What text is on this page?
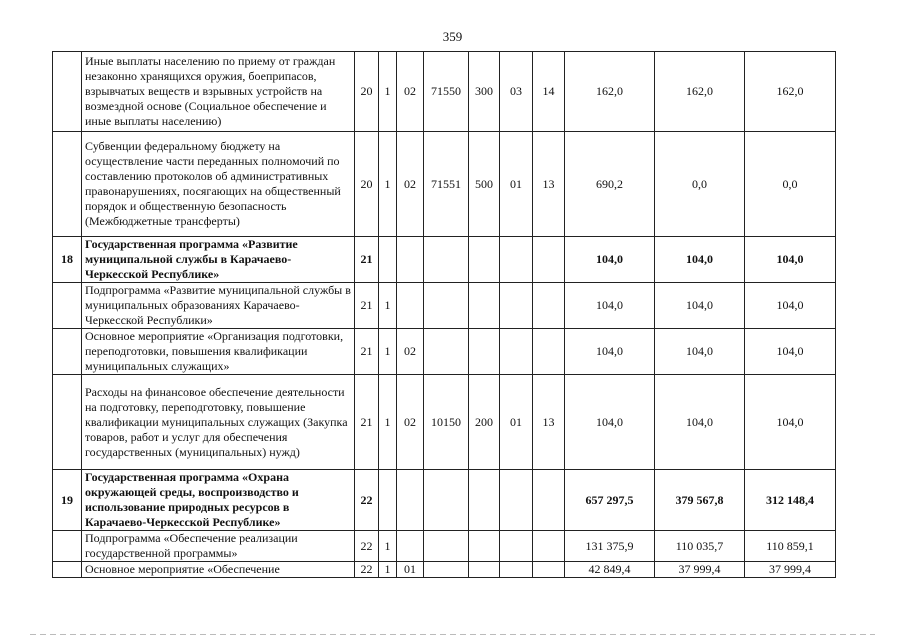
359
	Иные выплаты населению по приему от граждан незаконно хранящихся оружия, боеприпасов, взрывчатых веществ и взрывных устройств на возмездной основе (Социальное обеспечение и иные выплаты населению)	20	1	02	71550	300	03	14	162,0	162,0	162,0
	Субвенции федеральному бюджету на осуществление части переданных полномочий по составлению протоколов об административных правонарушениях, посягающих на общественный порядок и общественную безопасность (Межбюджетные трансферты)	20	1	02	71551	500	01	13	690,2	0,0	0,0
18	Государственная программа «Развитие муниципальной службы в Карачаево-Черкесской Республике»	21							104,0	104,0	104,0
	Подпрограмма «Развитие муниципальной службы в муниципальных образованиях Карачаево-Черкесской Республики»	21	1						104,0	104,0	104,0
	Основное мероприятие «Организация подготовки, переподготовки, повышения квалификации муниципальных служащих»	21	1	02					104,0	104,0	104,0
	Расходы на финансовое обеспечение деятельности на подготовку, переподготовку, повышение квалификации муниципальных служащих (Закупка товаров, работ и услуг для обеспечения государственных (муниципальных) нужд)	21	1	02	10150	200	01	13	104,0	104,0	104,0
19	Государственная программа «Охрана окружающей среды, воспроизводство и использование природных ресурсов в Карачаево-Черкесской Республике»	22							657 297,5	379 567,8	312 148,4
	Подпрограмма «Обеспечение реализации государственной программы»	22	1						131 375,9	110 035,7	110 859,1
	Основное мероприятие «Обеспечение	22	1	01					42 849,4	37 999,4	37 999,4
